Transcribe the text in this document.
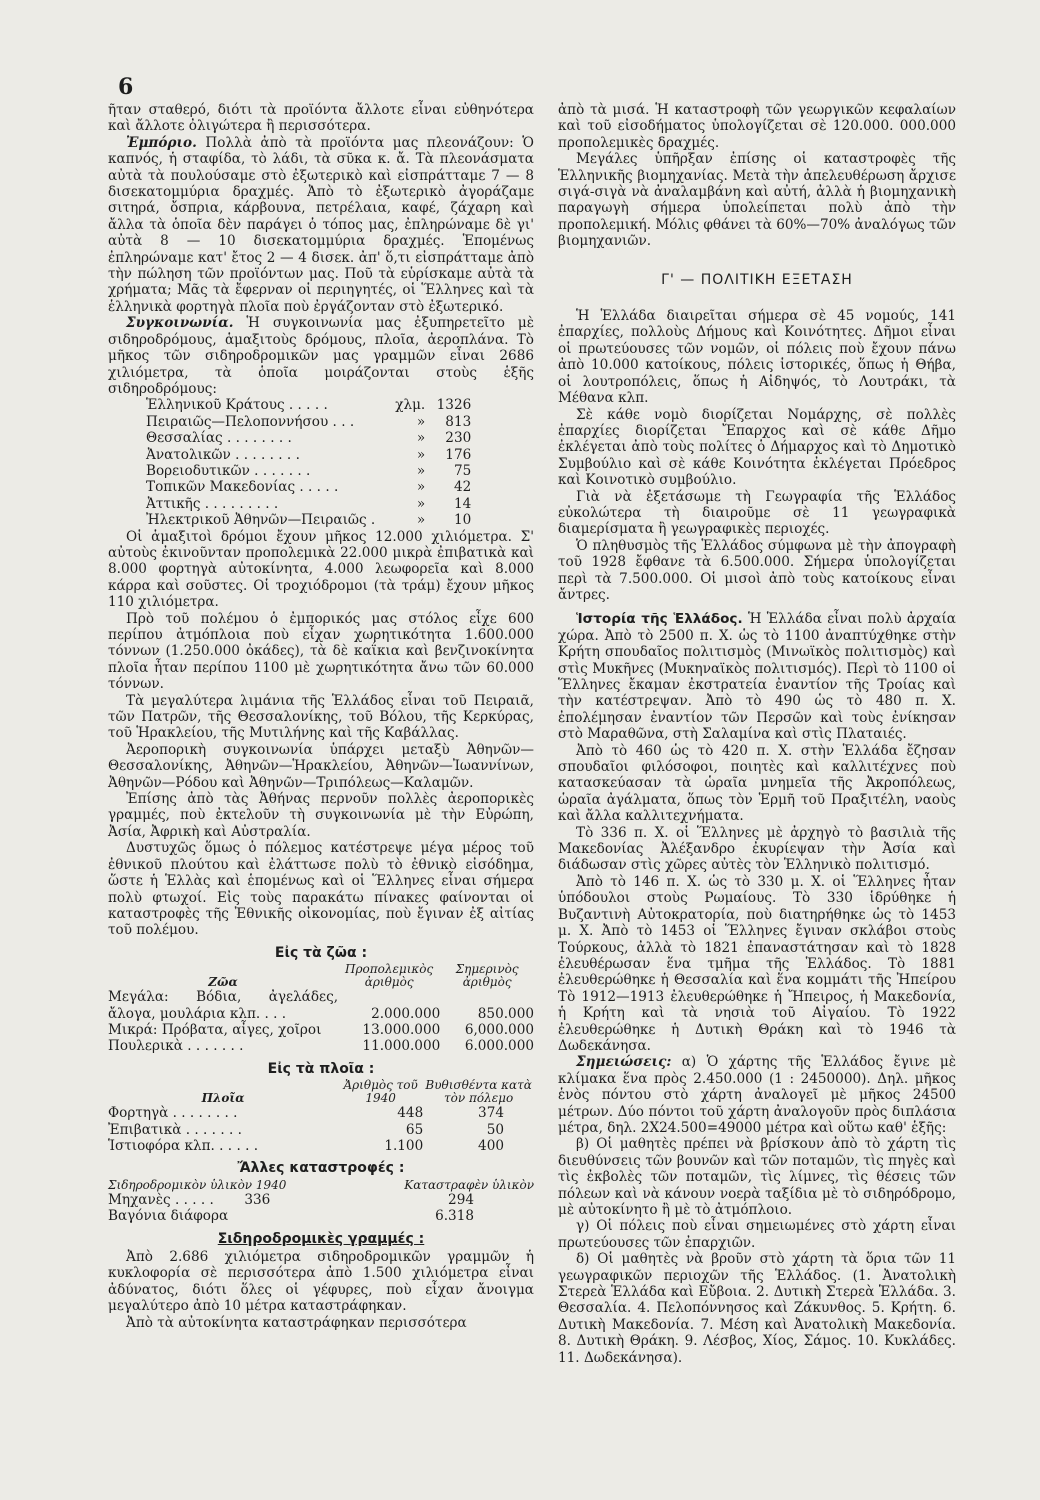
6

ῆταν σταθερό, διότι τὰ προϊόντα ἄλλοτε εἶναι εὐθηνότερα καὶ ἄλλοτε ὀλιγώτερα ἢ περισσότερα.

Ἐμπόριο. Πολλὰ ἀπὸ τὰ προϊόντα μας πλεονάζουν: Ὁ καπνός, ἡ σταφίδα, τὸ λάδι, τὰ σῦκα κ. ἄ. Τὰ πλεονάσματα αὐτὰ τὰ πουλούσαμε στὸ ἐξωτερικὸ καὶ εἰσπράτταμε 7 — 8 δισεκατομμύρια δραχμές. Ἀπὸ τὸ ἐξωτερικὸ ἀγοράζαμε σιτηρά, ὄσπρια, κάρβουνα, πετρέλαια, καφέ, ζάχαρη καὶ ἄλλα τὰ ὁποῖα δὲν παράγει ὁ τόπος μας, ἐπληρώναμε δὲ γι' αὐτὰ 8 — 10 δισεκατομμύρια δραχμές. Ἑπομένως ἐπληρώναμε κατ' ἔτος 2 — 4 δισεκ. ἀπ' ὅ,τι εἰσπράτταμε ἀπὸ τὴν πώληση τῶν προϊόντων μας. Ποῦ τὰ εὑρίσκαμε αὐτὰ τὰ χρήματα; Μᾶς τὰ ἔφερναν οἱ περιηγητές, οἱ Ἕλληνες καὶ τὰ ἑλληνικὰ φορτηγὰ πλοῖα ποὺ ἐργάζονταν στὸ ἐξωτερικό.

Συγκοινωνία. Ἡ συγκοινωνία μας ἐξυπηρετεῖτο μὲ σιδηροδρόμους, ἁμαξιτοὺς δρόμους, πλοῖα, ἀεροπλάνα. Τὸ μῆκος τῶν σιδηροδρομικῶν μας γραμμῶν εἶναι 2686 χιλιόμετρα, τὰ ὁποῖα μοιράζονται στοὺς ἑξῆς σιδηροδρόμους:

Ἑλληνικοῦ Κράτους . . . . .	χλμ.	1326
Πειραιῶς—Πελοποννήσου . . .	»	813
Θεσσαλίας . . . . . . . .	»	230
Ἀνατολικῶν . . . . . . . .	»	176
Βορειοδυτικῶν . . . . . . .	»	75
Τοπικῶν Μακεδονίας . . . . .	»	42
Ἀττικῆς . . . . . . . . .	»	14
Ἠλεκτρικοῦ Ἀθηνῶν—Πειραιῶς .	»	10

Οἱ ἁμαξιτοὶ δρόμοι ἔχουν μῆκος 12.000 χιλιόμετρα. Σ' αὐτοὺς ἐκινοῦνταν προπολεμικὰ 22.000 μικρὰ ἐπιβατικὰ καὶ 8.000 φορτηγὰ αὐτοκίνητα, 4.000 λεωφορεῖα καὶ 8.000 κάρρα καὶ σοῦστες. Οἱ τροχιόδρομοι (τὰ τράμ) ἔχουν μῆκος 110 χιλιόμετρα.

Πρὸ τοῦ πολέμου ὁ ἐμπορικός μας στόλος εἶχε 600 περίπου ἀτμόπλοια ποὺ εἶχαν χωρητικότητα 1.600.000 τόννων (1.250.000 ὀκάδες), τὰ δὲ καΐκια καὶ βενζινοκίνητα πλοῖα ἦταν περίπου 1100 μὲ χωρητικότητα ἄνω τῶν 60.000 τόννων.

Τὰ μεγαλύτερα λιμάνια τῆς Ἑλλάδος εἶναι τοῦ Πειραιᾶ, τῶν Πατρῶν, τῆς Θεσσαλονίκης, τοῦ Βόλου, τῆς Κερκύρας, τοῦ Ἡρακλείου, τῆς Μυτιλήνης καὶ τῆς Καβάλλας.

Ἀεροπορικὴ συγκοινωνία ὑπάρχει μεταξὺ Ἀθηνῶν—Θεσσαλονίκης, Ἀθηνῶν—Ἡρακλείου, Ἀθηνῶν—Ἰωαννίνων, Ἀθηνῶν—Ρόδου καὶ Ἀθηνῶν—Τριπόλεως—Καλαμῶν.

Ἐπίσης ἀπὸ τὰς Ἀθήνας περνοῦν πολλὲς ἀεροπορικὲς γραμμές, ποὺ ἐκτελοῦν τὴ συγκοινωνία μὲ τὴν Εὐρώπη, Ἀσία, Ἀφρικὴ καὶ Αὐστραλία.

Δυστυχῶς ὅμως ὁ πόλεμος κατέστρεψε μέγα μέρος τοῦ ἐθνικοῦ πλούτου καὶ ἐλάττωσε πολὺ τὸ ἐθνικὸ εἰσόδημα, ὥστε ἡ Ἑλλὰς καὶ ἑπομένως καὶ οἱ Ἕλληνες εἶναι σήμερα πολὺ φτωχοί. Εἰς τοὺς παρακάτω πίνακες φαίνονται οἱ καταστροφὲς τῆς Ἐθνικῆς οἰκονομίας, ποὺ ἔγιναν ἐξ αἰτίας τοῦ πολέμου.

Εἰς τὰ ζῶα :
Ζῶα	Προπολεμικὸς ἀριθμὸς	Σημερινὸς ἀριθμὸς
Μεγάλα: Βόδια, ἀγελάδες, ἄλογα, μουλάρια κλπ. . . .	2.000.000	850.000
Μικρά: Πρόβατα, αἶγες, χοῖροι	13.000.000	6,000.000
Πουλερικὰ . . . . . . .	11.000.000	6.000.000
Εἰς τὰ πλοῖα :
Πλοῖα	Ἀριθμὸς τοῦ 1940	Βυθισθέντα κατὰ τὸν πόλεμο
Φορτηγὰ . . . . . . . .	448	374
Ἐπιβατικὰ . . . . . . .	65	50
Ἱστιοφόρα κλπ. . . . . .	1.100	400
Ἄλλες καταστροφές :
Σιδηροδρομικὸν ὑλικὸν 1940		Καταστραφὲν ὑλικὸν
Μηχανὲς . . . . .	336	294
Βαγόνια διάφορα		6.318
Σιδηροδρομικὲς γραμμές :

Ἀπὸ 2.686 χιλιόμετρα σιδηροδρομικῶν γραμμῶν ἡ κυκλοφορία σὲ περισσότερα ἀπὸ 1.500 χιλιόμετρα εἶναι ἀδύνατος, διότι ὅλες οἱ γέφυρες, ποὺ εἶχαν ἄνοιγμα μεγαλύτερο ἀπὸ 10 μέτρα καταστράφηκαν.

Ἀπὸ τὰ αὐτοκίνητα καταστράφηκαν περισσότερα

ἀπὸ τὰ μισά. Ἡ καταστροφὴ τῶν γεωργικῶν κεφαλαίων καὶ τοῦ εἰσοδήματος ὑπολογίζεται σὲ 120.000. 000.000 προπολεμικὲς δραχμές.

Μεγάλες ὑπῆρξαν ἐπίσης οἱ καταστροφὲς τῆς Ἑλληνικῆς βιομηχανίας. Μετὰ τὴν ἀπελευθέρωση ἄρχισε σιγά-σιγὰ νὰ ἀναλαμβάνη καὶ αὐτή, ἀλλὰ ἡ βιομηχανικὴ παραγωγὴ σήμερα ὑπολείπεται πολὺ ἀπὸ τὴν προπολεμική. Μόλις φθάνει τὰ 60%—70% ἀναλόγως τῶν βιομηχανιῶν.

Γ' — ΠΟΛΙΤΙΚΗ ΕΞΕΤΑΣΗ

Ἡ Ἑλλάδα διαιρεῖται σήμερα σὲ 45 νομούς, 141 ἐπαρχίες, πολλοὺς Δήμους καὶ Κοινότητες. Δῆμοι εἶναι οἱ πρωτεύουσες τῶν νομῶν, οἱ πόλεις ποὺ ἔχουν πάνω ἀπὸ 10.000 κατοίκους, πόλεις ἱστορικές, ὅπως ἡ Θήβα, οἱ λουτροπόλεις, ὅπως ἡ Αἰδηψός, τὸ Λουτράκι, τὰ Μέθανα κλπ.

Σὲ κάθε νομὸ διορίζεται Νομάρχης, σὲ πολλὲς ἐπαρχίες διορίζεται Ἔπαρχος καὶ σὲ κάθε Δῆμο ἐκλέγεται ἀπὸ τοὺς πολίτες ὁ Δήμαρχος καὶ τὸ Δημοτικὸ Συμβούλιο καὶ σὲ κάθε Κοινότητα ἐκλέγεται Πρόεδρος καὶ Κοινοτικὸ συμβούλιο.

Γιὰ νὰ ἐξετάσωμε τὴ Γεωγραφία τῆς Ἑλλάδος εὐκολώτερα τὴ διαιροῦμε σὲ 11 γεωγραφικὰ διαμερίσματα ἢ γεωγραφικὲς περιοχές.

Ὁ πληθυσμὸς τῆς Ἑλλάδος σύμφωνα μὲ τὴν ἀπογραφὴ τοῦ 1928 ἔφθανε τὰ 6.500.000. Σήμερα ὑπολογίζεται περὶ τὰ 7.500.000. Οἱ μισοὶ ἀπὸ τοὺς κατοίκους εἶναι ἄντρες.

Ἱστορία τῆς Ἑλλάδος. Ἡ Ἑλλάδα εἶναι πολὺ ἀρχαία χώρα. Ἀπὸ τὸ 2500 π. Χ. ὡς τὸ 1100 ἀναπτύχθηκε στὴν Κρήτη σπουδαῖος πολιτισμὸς (Μινωϊκὸς πολιτισμὸς) καὶ στὶς Μυκῆνες (Μυκηναϊκὸς πολιτισμός). Περὶ τὸ 1100 οἱ Ἕλληνες ἔκαμαν ἐκστρατεία ἐναντίον τῆς Τροίας καὶ τὴν κατέστρεψαν. Ἀπὸ τὸ 490 ὡς τὸ 480 π. Χ. ἐπολέμησαν ἐναντίον τῶν Περσῶν καὶ τοὺς ἐνίκησαν στὸ Μαραθῶνα, στὴ Σαλαμίνα καὶ στὶς Πλαταιές.

Ἀπὸ τὸ 460 ὡς τὸ 420 π. Χ. στὴν Ἑλλάδα ἔζησαν σπουδαῖοι φιλόσοφοι, ποιητὲς καὶ καλλιτέχνες ποὺ κατασκεύασαν τὰ ὡραῖα μνημεῖα τῆς Ἀκροπόλεως, ὡραῖα ἀγάλματα, ὅπως τὸν Ἑρμῆ τοῦ Πραξιτέλη, ναοὺς καὶ ἄλλα καλλιτεχνήματα.

Τὸ 336 π. Χ. οἱ Ἕλληνες μὲ ἀρχηγὸ τὸ βασιλιὰ τῆς Μακεδονίας Ἀλέξανδρο ἐκυρίεψαν τὴν Ἀσία καὶ διάδωσαν στὶς χῶρες αὐτὲς τὸν Ἑλληνικὸ πολιτισμό.

Ἀπὸ τὸ 146 π. Χ. ὡς τὸ 330 μ. Χ. οἱ Ἕλληνες ἦταν ὑπόδουλοι στοὺς Ρωμαίους. Τὸ 330 ἱδρύθηκε ἡ Βυζαντινὴ Αὐτοκρατορία, ποὺ διατηρήθηκε ὡς τὸ 1453 μ. Χ. Ἀπὸ τὸ 1453 οἱ Ἕλληνες ἔγιναν σκλάβοι στοὺς Τούρκους, ἀλλὰ τὸ 1821 ἐπαναστάτησαν καὶ τὸ 1828 ἐλευθέρωσαν ἕνα τμῆμα τῆς Ἑλλάδος. Τὸ 1881 ἐλευθερώθηκε ἡ Θεσσαλία καὶ ἕνα κομμάτι τῆς Ἠπείρου Τὸ 1912—1913 ἐλευθερώθηκε ἡ Ἤπειρος, ἡ Μακεδονία, ἡ Κρήτη καὶ τὰ νησιὰ τοῦ Αἰγαίου. Τὸ 1922 ἐλευθερώθηκε ἡ Δυτικὴ Θράκη καὶ τὸ 1946 τὰ Δωδεκάνησα.

Σημειώσεις: α) Ὁ χάρτης τῆς Ἑλλάδος ἔγινε μὲ κλίμακα ἕνα πρὸς 2.450.000 (1 : 2450000). Δηλ. μῆκος ἑνὸς πόντου στὸ χάρτη ἀναλογεῖ μὲ μῆκος 24500 μέτρων. Δύο πόντοι τοῦ χάρτη ἀναλογοῦν πρὸς διπλάσια μέτρα, δηλ. 2Χ24.500=49000 μέτρα καὶ οὕτω καθ' ἑξῆς:

β) Οἱ μαθητὲς πρέπει νὰ βρίσκουν ἀπὸ τὸ χάρτη τὶς διευθύνσεις τῶν βουνῶν καὶ τῶν ποταμῶν, τὶς πηγὲς καὶ τὶς ἐκβολὲς τῶν ποταμῶν, τὶς λίμνες, τὶς θέσεις τῶν πόλεων καὶ νὰ κάνουν νοερὰ ταξίδια μὲ τὸ σιδηρόδρομο, μὲ αὐτοκίνητο ἢ μὲ τὸ ἀτμόπλοιο.

γ) Οἱ πόλεις ποὺ εἶναι σημειωμένες στὸ χάρτη εἶναι πρωτεύουσες τῶν ἐπαρχιῶν.

δ) Οἱ μαθητὲς νὰ βροῦν στὸ χάρτη τὰ ὅρια τῶν 11 γεωγραφικῶν περιοχῶν τῆς Ἑλλάδος. (1. Ἀνατολικὴ Στερεὰ Ἑλλάδα καὶ Εὔβοια. 2. Δυτικὴ Στερεὰ Ἑλλάδα. 3. Θεσσαλία. 4. Πελοπόννησος καὶ Ζάκυνθος. 5. Κρήτη. 6. Δυτικὴ Μακεδονία. 7. Μέση καὶ Ἀνατολικὴ Μακεδονία. 8. Δυτικὴ Θράκη. 9. Λέσβος, Χίος, Σάμος. 10. Κυκλάδες. 11. Δωδεκάνησα).
